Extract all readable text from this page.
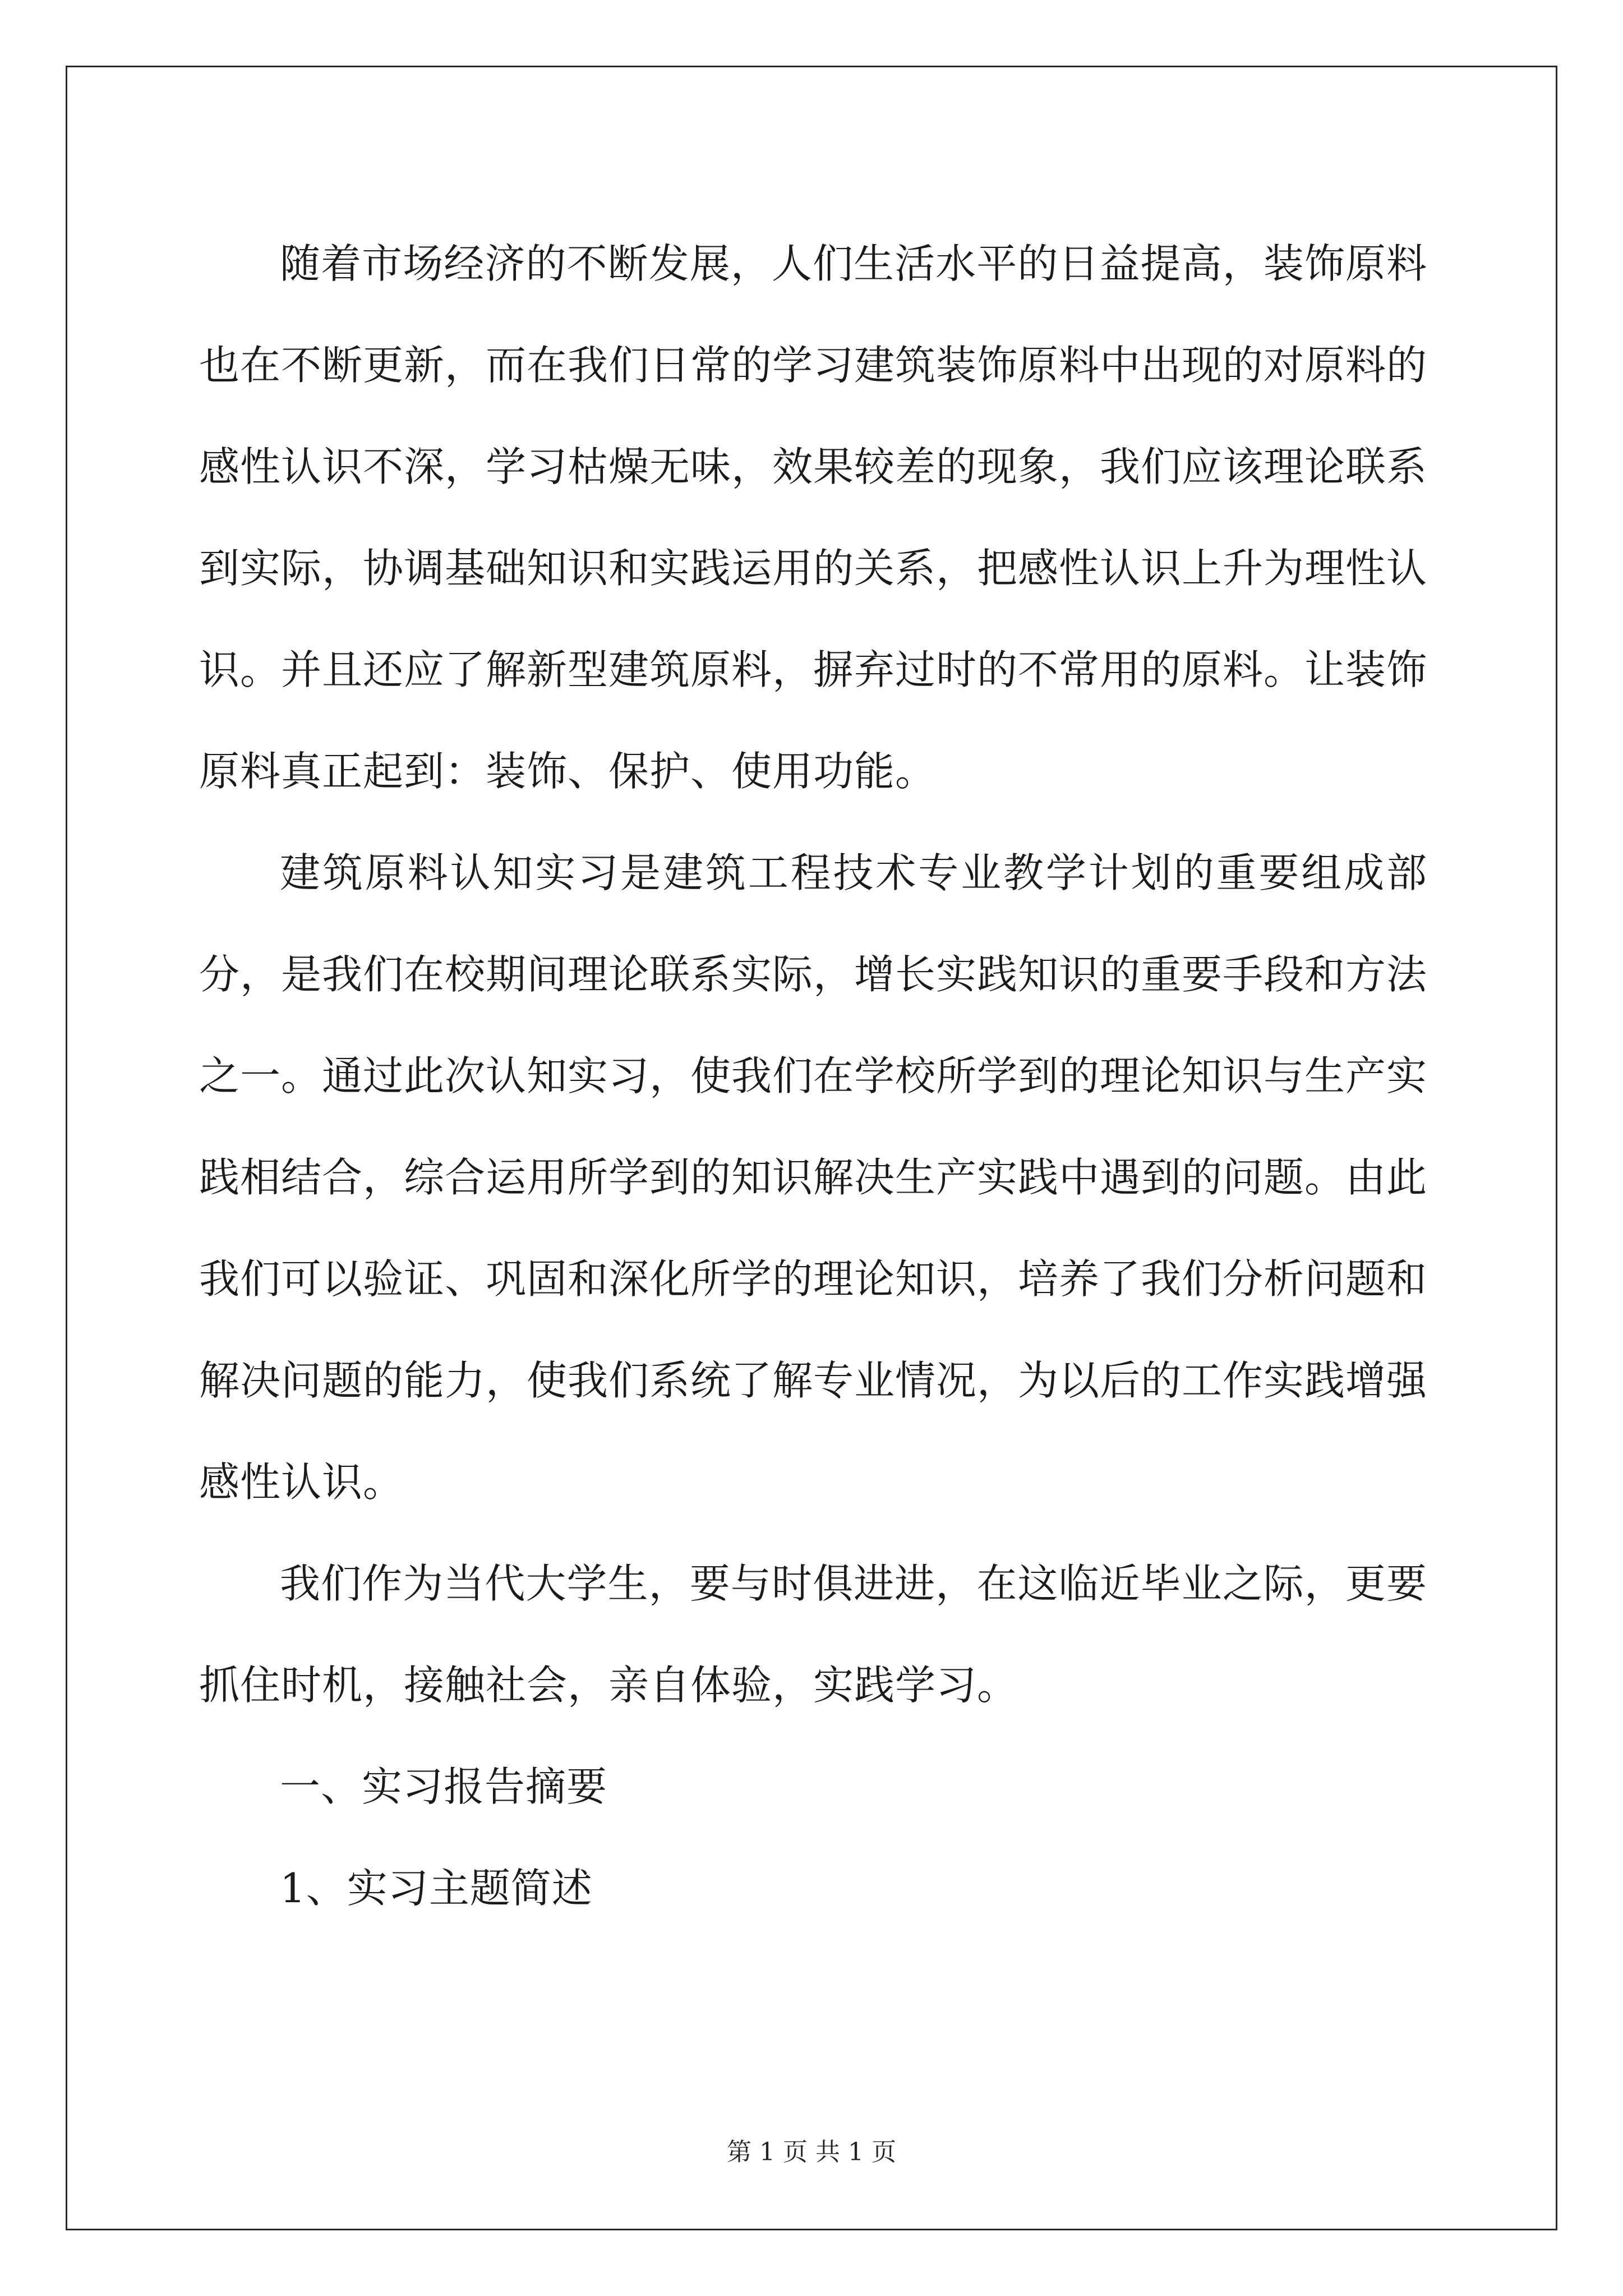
随着市场经济的不断发展，人们生活水平的日益提高，装饰原料也在不断更新，而在我们日常的学习建筑装饰原料中出现的对原料的感性认识不深，学习枯燥无味，效果较差的现象，我们应该理论联系到实际，协调基础知识和实践运用的关系，把感性认识上升为理性认识。并且还应了解新型建筑原料，摒弃过时的不常用的原料。让装饰原料真正起到：装饰、保护、使用功能。

建筑原料认知实习是建筑工程技术专业教学计划的重要组成部分，是我们在校期间理论联系实际，增长实践知识的重要手段和方法之一。通过此次认知实习，使我们在学校所学到的理论知识与生产实践相结合，综合运用所学到的知识解决生产实践中遇到的问题。由此我们可以验证、巩固和深化所学的理论知识，培养了我们分析问题和解决问题的能力，使我们系统了解专业情况，为以后的工作实践增强感性认识。

我们作为当代大学生，要与时俱进进，在这临近毕业之际，更要抓住时机，接触社会，亲自体验，实践学习。

一、实习报告摘要

1、实习主题简述

第 1 页 共 1 页
